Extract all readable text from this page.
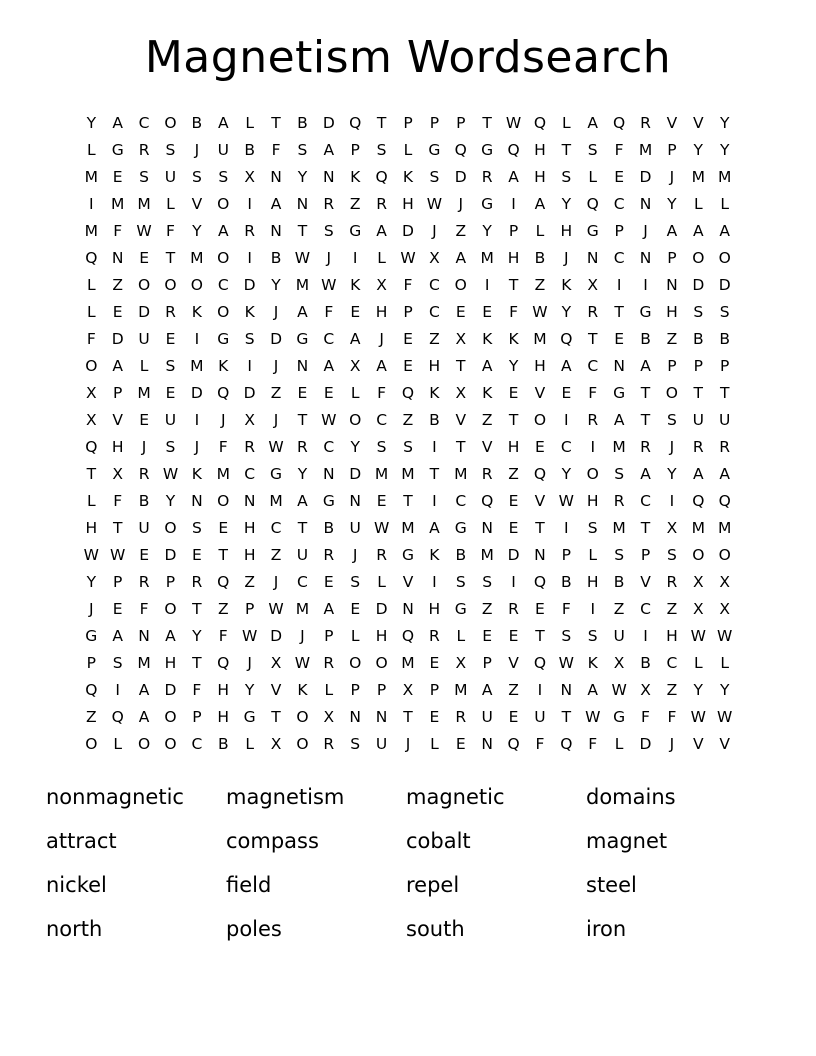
Magnetism Wordsearch
Y	A	C O B	A	L	T	B D Q	T	P	P	P	T W Q	L	A Q R	V	V	Y
L	G R	S	J	U B	F	S	A	P	S	L	G Q G Q H	T	S	F M P	Y	Y
M E	S	U	S	S	X N	Y	N	K Q K	S	D R	A H	S	L	E	D	J	M M
I	M M L	V O	I	A N R	Z	R H W	J	G	I	A	Y	Q C N	Y	L	L
M F W F	Y	A	R N	T	S G A D	J	Z	Y	P	L	H G	P	J	A	A	A
Q N	E	T M O	I	B W	J	I	L W X	A M H B	J	N C N	P	O O
L	Z O O O C D	Y M W K	X	F	C O	I	T	Z	K	X	I	I	N D D
L	E	D R	K O K	J	A	F	E	H	P	C	E	E	F W Y	R	T	G H	S	S
F	D U	E	I	G S	D G C	A	J	E	Z	X	K	K M Q	T	E	B	Z	B	B
O A	L	S M K	I	J	N A	X	A	E	H	T	A	Y	H A	C N A	P	P	P
X	P M E	D Q D Z	E	E	L	F	Q K	X	K	E	V	E	F	G	T	O	T	T
X	V	E	U	I	J	X	J	T W O C	Z	B	V	Z	T	O	I	R	A	T	S	U U
Q H	J	S	J	F	R W R	C	Y	S	S	I	T	V H	E	C	I	M R	J	R	R
T	X	R W K M C G	Y	N D M M T M R	Z Q	Y	O S	A	Y	A	A
L	F	B	Y	N O N M A G N	E	T	I	C Q E	V W H R	C	I	Q Q
H	T	U O S	E	H C	T	B U W M A G N	E	T	I	S M T	X M M
W W E	D	E	T	H Z U R	J	R G K	B M D N	P	L	S	P	S O O
Y	P	R	P	R Q Z	J	C	E	S	L	V	I	S	S	I	Q B H B	V	R	X	X
J	E	F	O	T	Z	P W M A	E	D N H G Z	R	E	F	I	Z	C	Z	X	X
G A N A	Y	F W D	J	P	L	H Q R	L	E	E	T	S	S	U	I	H W W
P	S M H	T	Q	J	X W R O O M E	X	P	V Q W K	X	B	C	L	L
Q	I	A D	F	H	Y	V	K	L	P	P	X	P M A	Z	I	N A W X	Z	Y	Y
Z Q A O	P	H G	T	O X N N	T	E	R U	E	U	T W G	F	F W W
O	L	O O C	B	L	X O R	S	U	J	L	E	N Q	F	Q	F	L	D	J	V	V
nonmagnetic	magnetism	magnetic	domains
attract	compass	cobalt	magnet
nickel	field	repel	steel
north	poles	south	iron
